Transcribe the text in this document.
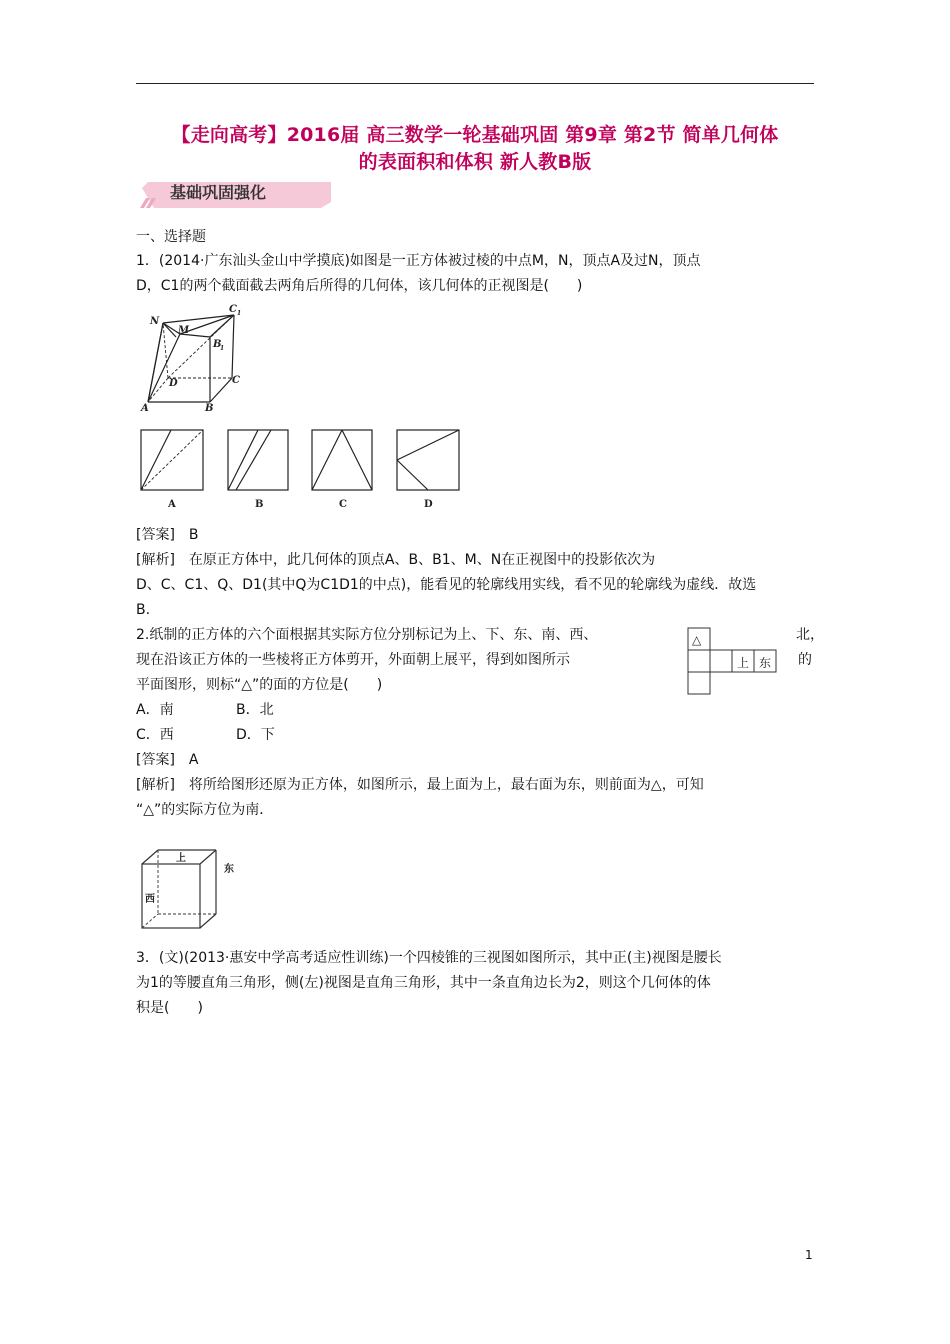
【走向高考】2016届 高三数学一轮基础巩固 第9章 第2节 简单几何体
的表面积和体积 新人教B版
基础巩固强化
一、选择题
1．(2014·广东汕头金山中学摸底)如图是一正方体被过棱的中点M，N，顶点A及过N，顶点
D，C1的两个截面截去两角后所得的几何体，该几何体的正视图是(　　)
N
M
C 1
B
1
D	C
A	B
A	B	C	D
[答案]　B
[解析]　在原正方体中，此几何体的顶点A、B、B1、M、N在正视图中的投影依次为
D、C、C1、Q、D1(其中Q为C1D1的中点)，能看见的轮廓线用实线，看不见的轮廓线为虚线．故选
B.
2.纸制的正方体的六个面根据其实际方位分别标记为上、下、东、南、西、	北，
现在沿该正方体的一些棱将正方体剪开，外面朝上展平，得到如图所示	的
平面图形，则标“△”的面的方位是(　　)
△
上 东
A．南	B．北
C．西	D．下
[答案]　A
[解析]　将所给图形还原为正方体，如图所示，最上面为上，最右面为东，则前面为△，可知
“△”的实际方位为南．
上
东
西
3．(文)(2013·惠安中学高考适应性训练)一个四棱锥的三视图如图所示，其中正(主)视图是腰长
为1的等腰直角三角形，侧(左)视图是直角三角形，其中一条直角边长为2，则这个几何体的体
积是(　　)
1
